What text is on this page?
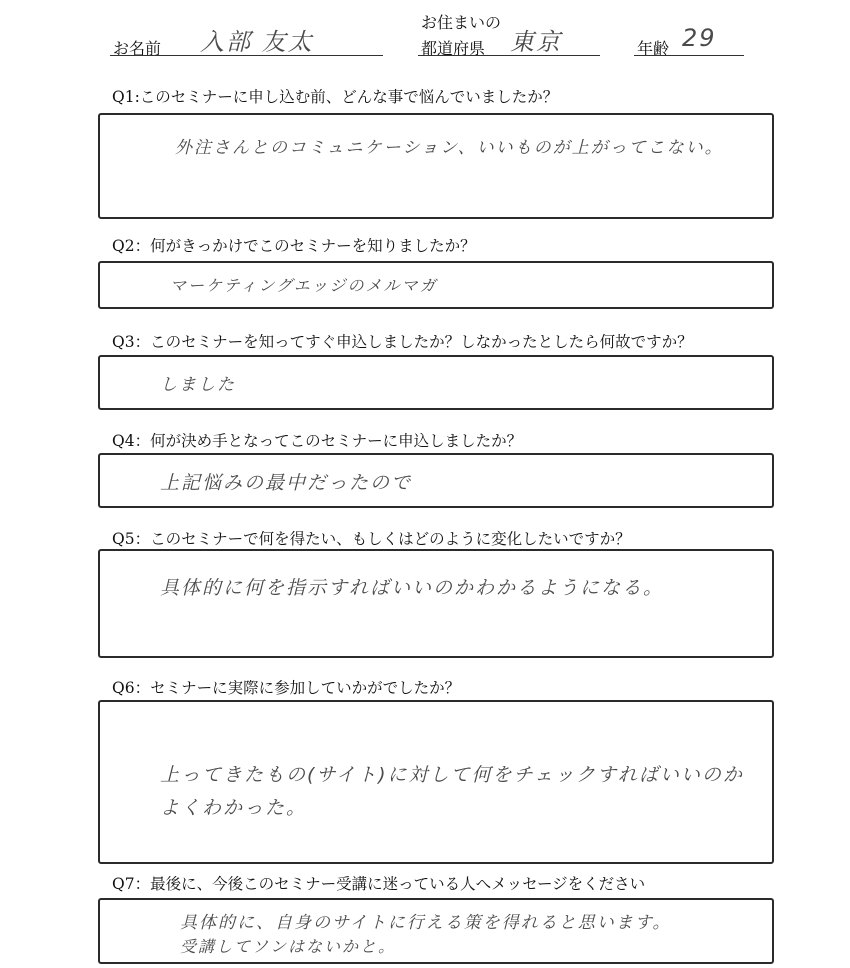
お名前 入部 友太
お住まいの
都道府県 東京	年齢 29
Q1:このセミナーに申し込む前、どんな事で悩んでいましたか？
外注さんとのコミュニケーション、いいものが上がってこない。
Q2：何がきっかけでこのセミナーを知りましたか？
マーケティングエッジのメルマガ
Q3：このセミナーを知ってすぐ申込しましたか？しなかったとしたら何故ですか？
しました
Q4：何が決め手となってこのセミナーに申込しましたか？
上記悩みの最中だったので
Q5：このセミナーで何を得たい、もしくはどのように変化したいですか？
具体的に何を指示すればいいのかわかるようになる。
Q6：セミナーに実際に参加していかがでしたか？
上ってきたもの(サイト)に対して何をチェックすればいいのか
よくわかった。
Q7：最後に、今後このセミナー受講に迷っている人へメッセージをください
具体的に、自身のサイトに行える策を得れると思います。
受講してソンはないかと。
